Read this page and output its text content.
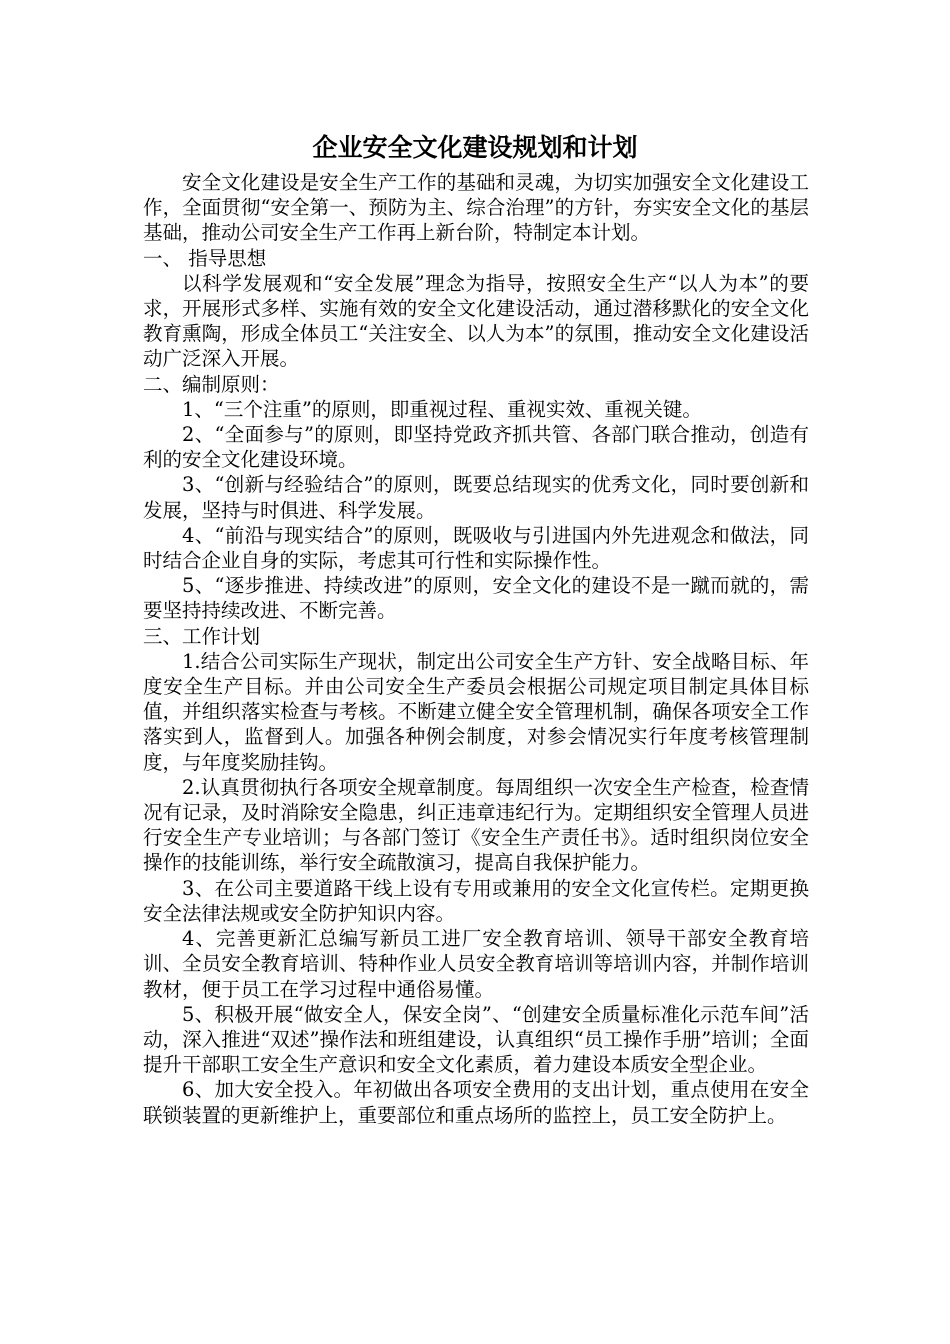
企业安全文化建设规划和计划

安全文化建设是安全生产工作的基础和灵魂，为切实加强安全文化建设工作，全面贯彻“安全第一、预防为主、综合治理”的方针，夯实安全文化的基层基础，推动公司安全生产工作再上新台阶，特制定本计划。

一、 指导思想

以科学发展观和“安全发展”理念为指导，按照安全生产“以人为本”的要求，开展形式多样、实施有效的安全文化建设活动，通过潜移默化的安全文化教育熏陶，形成全体员工“关注安全、以人为本”的氛围，推动安全文化建设活动广泛深入开展。

二、编制原则：

1、“三个注重”的原则，即重视过程、重视实效、重视关键。

2、“全面参与”的原则，即坚持党政齐抓共管、各部门联合推动，创造有利的安全文化建设环境。

3、“创新与经验结合”的原则，既要总结现实的优秀文化，同时要创新和发展，坚持与时俱进、科学发展。

4、“前沿与现实结合”的原则，既吸收与引进国内外先进观念和做法，同时结合企业自身的实际，考虑其可行性和实际操作性。

5、“逐步推进、持续改进”的原则，安全文化的建设不是一蹴而就的，需要坚持持续改进、不断完善。

三、工作计划

1.结合公司实际生产现状，制定出公司安全生产方针、安全战略目标、年度安全生产目标。并由公司安全生产委员会根据公司规定项目制定具体目标值，并组织落实检查与考核。不断建立健全安全管理机制，确保各项安全工作落实到人，监督到人。加强各种例会制度，对参会情况实行年度考核管理制度，与年度奖励挂钩。

2.认真贯彻执行各项安全规章制度。每周组织一次安全生产检查，检查情况有记录，及时消除安全隐患，纠正违章违纪行为。定期组织安全管理人员进行安全生产专业培训；与各部门签订《安全生产责任书》。适时组织岗位安全操作的技能训练，举行安全疏散演习，提高自我保护能力。

3、在公司主要道路干线上设有专用或兼用的安全文化宣传栏。定期更换安全法律法规或安全防护知识内容。

4、完善更新汇总编写新员工进厂安全教育培训、领导干部安全教育培训、全员安全教育培训、特种作业人员安全教育培训等培训内容，并制作培训教材，便于员工在学习过程中通俗易懂。

5、积极开展“做安全人，保安全岗”、“创建安全质量标准化示范车间”活动，深入推进“双述”操作法和班组建设，认真组织“员工操作手册”培训；全面提升干部职工安全生产意识和安全文化素质，着力建设本质安全型企业。

6、加大安全投入。年初做出各项安全费用的支出计划，重点使用在安全联锁装置的更新维护上，重要部位和重点场所的监控上，员工安全防护上。
